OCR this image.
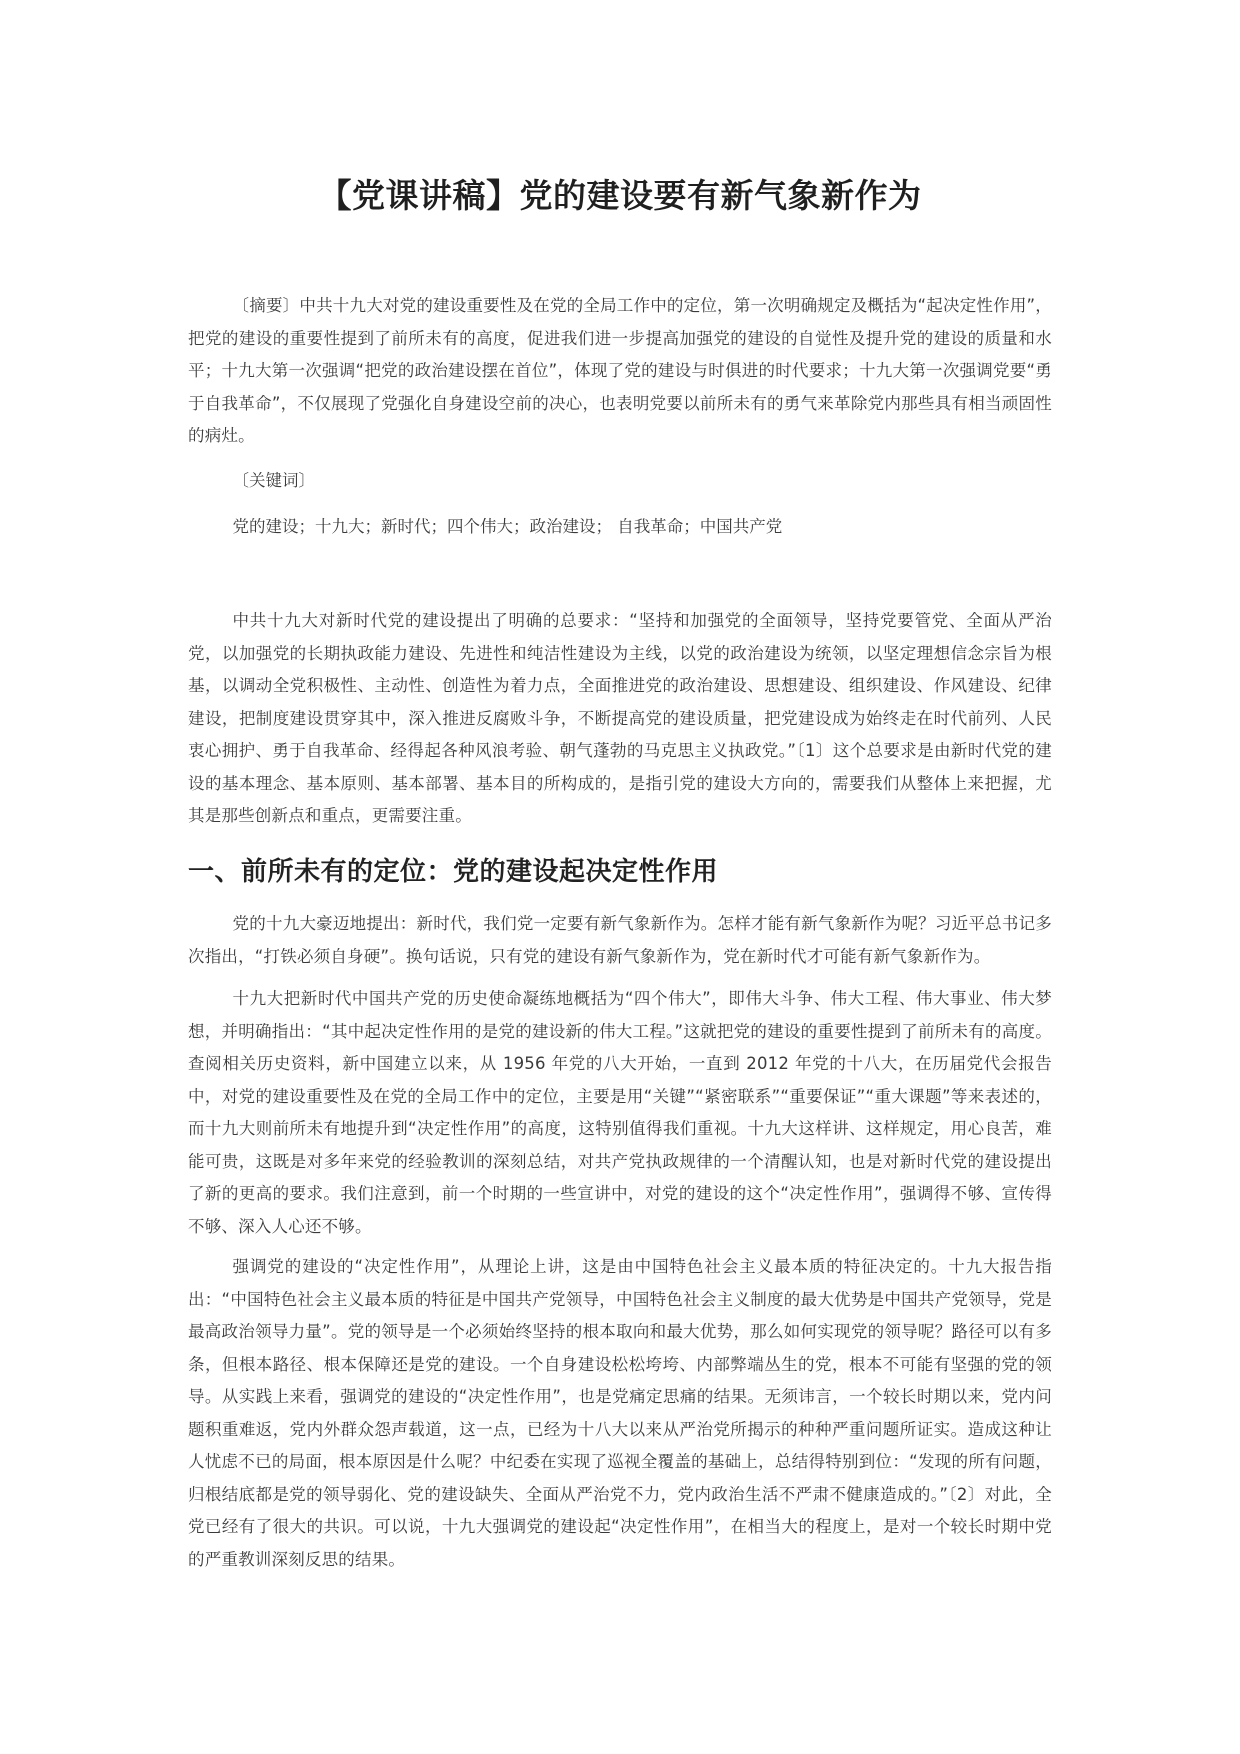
【党课讲稿】党的建设要有新气象新作为

〔摘要〕中共十九大对党的建设重要性及在党的全局工作中的定位，第一次明确规定及概括为“起决定性作用”，把党的建设的重要性提到了前所未有的高度，促进我们进一步提高加强党的建设的自觉性及提升党的建设的质量和水平；十九大第一次强调“把党的政治建设摆在首位”，体现了党的建设与时俱进的时代要求；十九大第一次强调党要“勇于自我革命”，不仅展现了党强化自身建设空前的决心，也表明党要以前所未有的勇气来革除党内那些具有相当顽固性的病灶。

〔关键词〕

党的建设；十九大；新时代；四个伟大；政治建设； 自我革命；中国共产党

中共十九大对新时代党的建设提出了明确的总要求：“坚持和加强党的全面领导，坚持党要管党、全面从严治党，以加强党的长期执政能力建设、先进性和纯洁性建设为主线，以党的政治建设为统领，以坚定理想信念宗旨为根基，以调动全党积极性、主动性、创造性为着力点，全面推进党的政治建设、思想建设、组织建设、作风建设、纪律建设，把制度建设贯穿其中，深入推进反腐败斗争，不断提高党的建设质量，把党建设成为始终走在时代前列、人民衷心拥护、勇于自我革命、经得起各种风浪考验、朝气蓬勃的马克思主义执政党。”〔1〕这个总要求是由新时代党的建设的基本理念、基本原则、基本部署、基本目的所构成的，是指引党的建设大方向的，需要我们从整体上来把握，尤其是那些创新点和重点，更需要注重。

一、前所未有的定位：党的建设起决定性作用

党的十九大豪迈地提出：新时代，我们党一定要有新气象新作为。怎样才能有新气象新作为呢？习近平总书记多次指出，“打铁必须自身硬”。换句话说，只有党的建设有新气象新作为，党在新时代才可能有新气象新作为。

十九大把新时代中国共产党的历史使命凝练地概括为“四个伟大”，即伟大斗争、伟大工程、伟大事业、伟大梦想，并明确指出：“其中起决定性作用的是党的建设新的伟大工程。”这就把党的建设的重要性提到了前所未有的高度。查阅相关历史资料，新中国建立以来，从 1956 年党的八大开始，一直到 2012 年党的十八大，在历届党代会报告中，对党的建设重要性及在党的全局工作中的定位，主要是用“关键”“紧密联系”“重要保证”“重大课题”等来表述的，而十九大则前所未有地提升到“决定性作用”的高度，这特别值得我们重视。十九大这样讲、这样规定，用心良苦，难能可贵，这既是对多年来党的经验教训的深刻总结，对共产党执政规律的一个清醒认知，也是对新时代党的建设提出了新的更高的要求。我们注意到，前一个时期的一些宣讲中，对党的建设的这个“决定性作用”，强调得不够、宣传得不够、深入人心还不够。

强调党的建设的“决定性作用”，从理论上讲，这是由中国特色社会主义最本质的特征决定的。十九大报告指出：“中国特色社会主义最本质的特征是中国共产党领导，中国特色社会主义制度的最大优势是中国共产党领导，党是最高政治领导力量”。党的领导是一个必须始终坚持的根本取向和最大优势，那么如何实现党的领导呢？路径可以有多条，但根本路径、根本保障还是党的建设。一个自身建设松松垮垮、内部弊端丛生的党，根本不可能有坚强的党的领导。从实践上来看，强调党的建设的“决定性作用”，也是党痛定思痛的结果。无须讳言，一个较长时期以来，党内问题积重难返，党内外群众怨声载道，这一点，已经为十八大以来从严治党所揭示的种种严重问题所证实。造成这种让人忧虑不已的局面，根本原因是什么呢？中纪委在实现了巡视全覆盖的基础上，总结得特别到位：“发现的所有问题，归根结底都是党的领导弱化、党的建设缺失、全面从严治党不力，党内政治生活不严肃不健康造成的。”〔2〕对此，全党已经有了很大的共识。可以说，十九大强调党的建设起“决定性作用”，在相当大的程度上，是对一个较长时期中党的严重教训深刻反思的结果。
